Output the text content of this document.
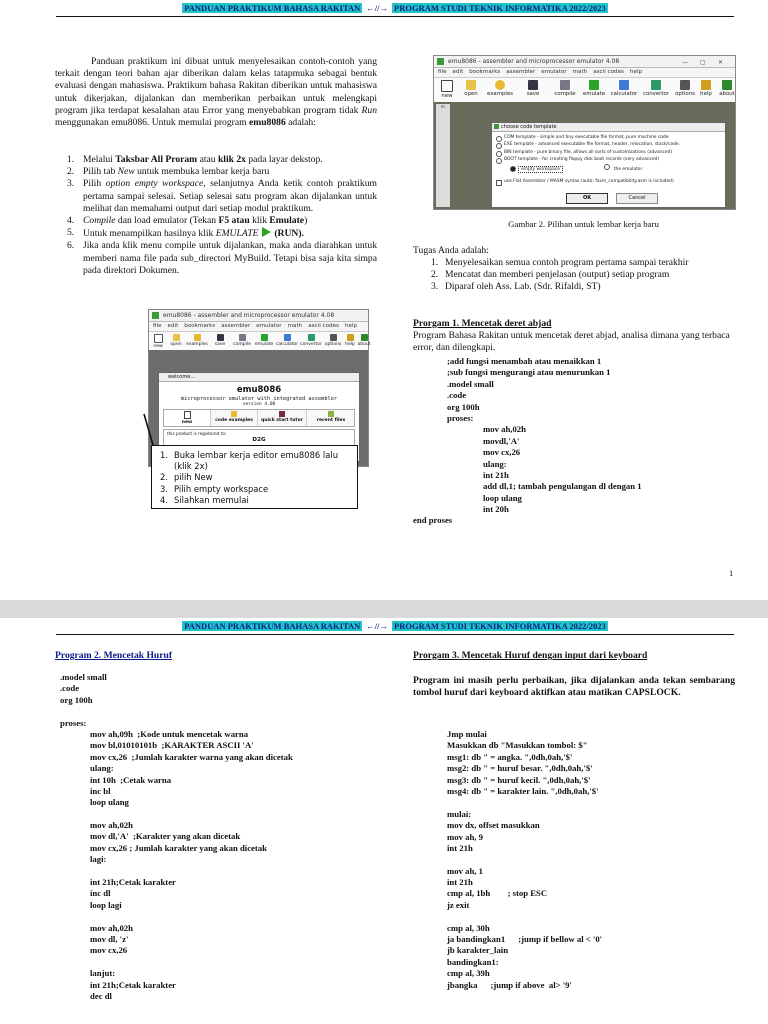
PANDUAN PRAKTIKUM BAHASA RAKITAN ←//→ PROGRAM STUDI TEKNIK INFORMATIKA 2022/2023
Panduan praktikum ini dibuat untuk menyelesaikan contoh-contoh yang terkait dengan teori bahan ajar diberikan dalam kelas tatapmuka sebagai bentuk evaluasi dengan mahasiswa. Praktikum bahasa Rakitan diberikan untuk mahasiswa untuk dikerjakan, dijalankan dan memberikan perbaikan untuk melengkapi program jika terdapat kesalahan atau Error yang menyebabkan program tidak Run menggunakan emu8086. Untuk memulai program emu8086 adalah:
1. Melalui Taksbar All Proram atau klik 2x pada layar dekstop.
2. Pilih tab New untuk membuka lembar kerja baru
3. Pilih option empty workspace, selanjutnya Anda ketik contoh praktikum pertama sampai selesai. Setiap selesai satu program akan dijalankan untuk melihat dan memahami output dari setiap modul praktikum.
4. Compile dan load emulator (Tekan F5 atau klik Emulate)
5. Untuk menampilkan hasilnya klik EMULATE (RUN).
6. Jika anda klik menu compile untuk dijalankan, maka anda diarahkan untuk memberi nama file pada sub_directori MyBuild. Tetapi bisa saja kita simpa pada direktori Dokumen.
emu8086 - assembler and microprocessor emulator 4.08
file edit bookmarks assembler emulator math ascii codes help
new	open	examples	save	compile emulate calculator convertor options help about
welcome...
emu8086
microprocessor emulator with integrated assembler
version 4.08
new	code examples	quick start tutor	recent files
this product is registered to:
D2G
1. Buka lembar kerja editor emu8086 lalu (klik 2x)
2. pilih New
3. Pilih empty workspace
4. Silahkan memulai
emu8086 - assembler and microprocessor emulator 4.08	— ▢ ✕
file edit bookmarks assembler emulator math ascii codes help
new	open	examples	save	compile	emulate	calculator	convertor	options help	about
01
choose code template
COM template - simple and tiny executable file format, pure machine code.
EXE template - advanced executable file format, header, relocation, stack/code.
BIN template - pure binary file, allows all sorts of customizations (advanced)
BOOT template - for creating floppy disk boot records (very advanced)
empty workspace	the emulator
use Flat Assembler / MASM syntax (auto: fasm_compatibility.asm is included)
OK	Cancel
Gambar 2. Pilihan untuk lembar kerja baru
Tugas Anda adalah:
1. Menyelesaikan semua contoh program pertama sampai terakhir
2. Mencatat dan memberi penjelasan (output) setiap program
3. Diparaf oleh Ass. Lab. (Sdr. Rifaldi, ST)
Prorgam 1. Mencetak deret abjad
Program Bahasa Rakitan untuk mencetak deret abjad, analisa dimana yang terbaca error, dan dilengkapi.
;add fungsi menambah atau menaikkan 1
;sub fungsi mengurangi atau menurunkan 1
.model small
.code
org 100h
proses:
mov ah,02h
movdl,'A'
mov cx,26
ulang:
int 21h
add dl,1; tambah pengulangan dl dengan 1
loop ulang
int 20h
end proses
1
PANDUAN PRAKTIKUM BAHASA RAKITAN ←//→ PROGRAM STUDI TEKNIK INFORMATIKA 2022/2023
Program 2. Mencetak Huruf
.model small
.code
org 100h
proses:
mov ah,09h  ;Kode untuk mencetak warna
mov bl,01010101b  ;KARAKTER ASCII 'A'
mov cx,26  ;Jumlah karakter warna yang akan dicetak
ulang:
int 10h  ;Cetak warna
inc bl
loop ulang
mov ah,02h
mov dl,'A'  ;Karakter yang akan dicetak
mov cx,26 ; Jumlah karakter yang akan dicetak
lagi:
int 21h;Cetak karakter
inc dl
loop lagi
mov ah,02h
mov dl, 'z'
mov cx,26
lanjut:
int 21h;Cetak karakter
dec dl
Prorgam 3. Mencetak Huruf dengan input dari keyboard
Program ini masih perlu perbaikan, jika dijalankan anda tekan sembarang tombol huruf dari keyboard aktifkan atau matikan CAPSLOCK.
Jmp mulai
Masukkan db "Masukkan tombol: $"
msg1: db " = angka. ",0dh,0ah,'$'
msg2: db " = huruf besar. ",0dh,0ah,'$'
msg3: db " = huruf kecil. ",0dh,0ah,'$'
msg4: db " = karakter lain. ",0dh,0ah,'$'
mulai:
mov dx, offset masukkan
mov ah, 9
int 21h
mov ah, 1
int 21h
cmp al, 1bh        ; stop ESC
jz exit
cmp al, 30h
ja bandingkan1      ;jump if bellow al < '0'
jb karakter_lain
bandingkan1:
cmp al, 39h
jbangka      ;jump if above  al> '9'
